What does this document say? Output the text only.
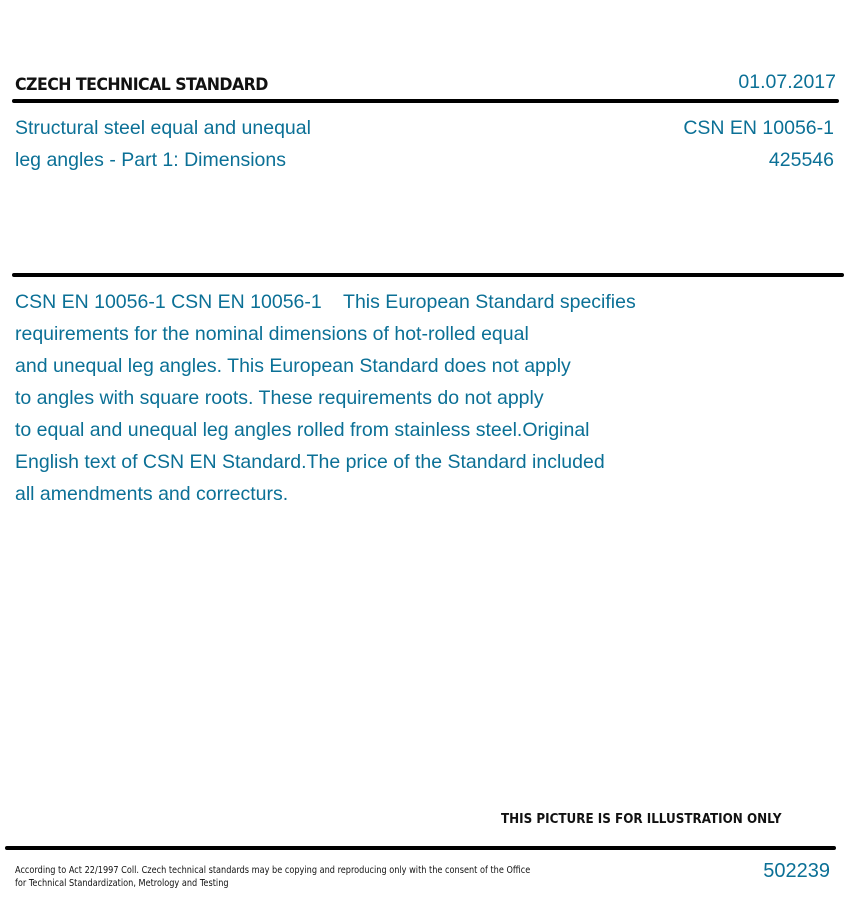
CZECH TECHNICAL STANDARD	01.07.2017
Structural steel equal and unequal
leg angles - Part 1: Dimensions
CSN EN 10056-1
425546
CSN EN 10056-1 CSN EN 10056-1    This European Standard specifies
requirements for the nominal dimensions of hot-rolled equal
and unequal leg angles. This European Standard does not apply
to angles with square roots. These requirements do not apply
to equal and unequal leg angles rolled from stainless steel.Original
English text of CSN EN Standard.The price of the Standard included
all amendments and correcturs.
THIS PICTURE IS FOR ILLUSTRATION ONLY
According to Act 22/1997 Coll. Czech technical standards may be copying and reproducing only with the consent of the Office
for Technical Standardization, Metrology and Testing
502239
